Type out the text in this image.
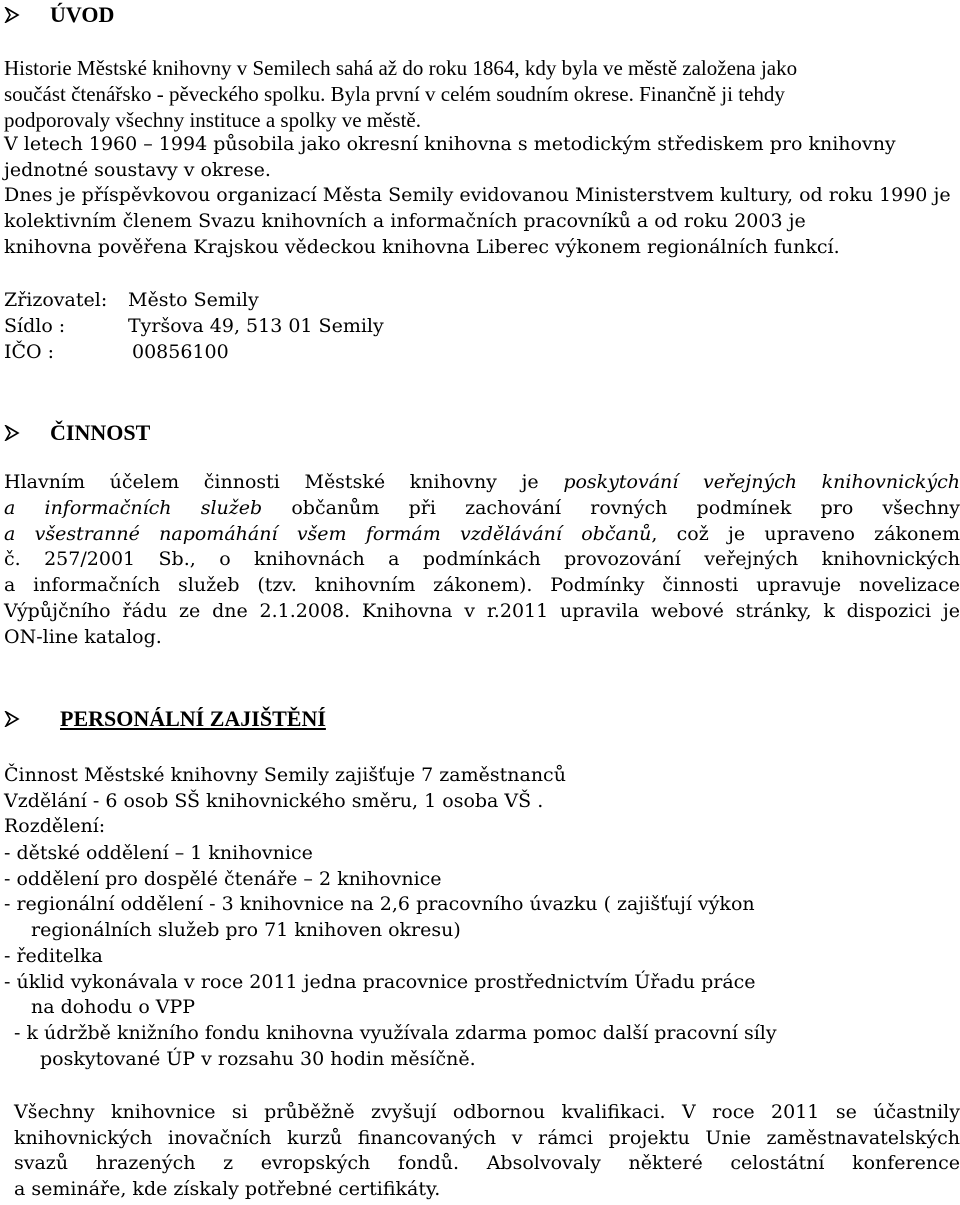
ÚVOD
Historie Městské knihovny v Semilech sahá až do roku 1864, kdy byla ve městě založena jako
součást čtenářsko - pěveckého spolku. Byla první v celém soudním okrese. Finančně ji tehdy
podporovaly všechny instituce a spolky ve městě.
V letech 1960 – 1994 působila jako okresní knihovna s metodickým střediskem pro knihovny
jednotné soustavy v okrese.
Dnes je příspěvkovou organizací Města Semily evidovanou Ministerstvem kultury, od roku 1990 je kolektivním členem Svazu knihovních a informačních pracovníků a od roku 2003 je
knihovna pověřena Krajskou vědeckou knihovna Liberec výkonem regionálních funkcí.
Zřizovatel: Město Semily
Sídlo :	Tyršova 49, 513 01 Semily
IČO :	00856100
ČINNOST
Hlavním účelem činnosti Městské knihovny je poskytování veřejných knihovnických
a informačních služeb občanům při zachování rovných podmínek pro všechny
a všestranné napomáhání všem formám vzdělávání občanů, což je upraveno zákonem
č. 257/2001 Sb., o knihovnách a podmínkách provozování veřejných knihovnických
a informačních služeb (tzv. knihovním zákonem). Podmínky činnosti upravuje novelizace
Výpůjčního řádu ze dne 2.1.2008. Knihovna v r.2011 upravila webové stránky, k dispozici je
ON-line katalog.
PERSONÁLNÍ ZAJIŠTĚNÍ
Činnost Městské knihovny Semily zajišťuje 7 zaměstnanců
Vzdělání - 6 osob SŠ knihovnického směru, 1 osoba VŠ .
Rozdělení:
- dětské oddělení – 1 knihovnice
- oddělení pro dospělé čtenáře – 2 knihovnice
- regionální oddělení - 3 knihovnice na 2,6 pracovního úvazku ( zajišťují výkon
regionálních služeb pro 71 knihoven okresu)
- ředitelka
- úklid vykonávala v roce 2011 jedna pracovnice prostřednictvím Úřadu práce
na dohodu o VPP
- k údržbě knižního fondu knihovna využívala zdarma pomoc další pracovní síly
poskytované ÚP v rozsahu 30 hodin měsíčně.
Všechny knihovnice si průběžně zvyšují odbornou kvalifikaci. V roce 2011 se účastnily
knihovnických inovačních kurzů financovaných v rámci projektu Unie zaměstnavatelských
svazů hrazených z evropských fondů. Absolvovaly některé celostátní konference
a semináře, kde získaly potřebné certifikáty.
